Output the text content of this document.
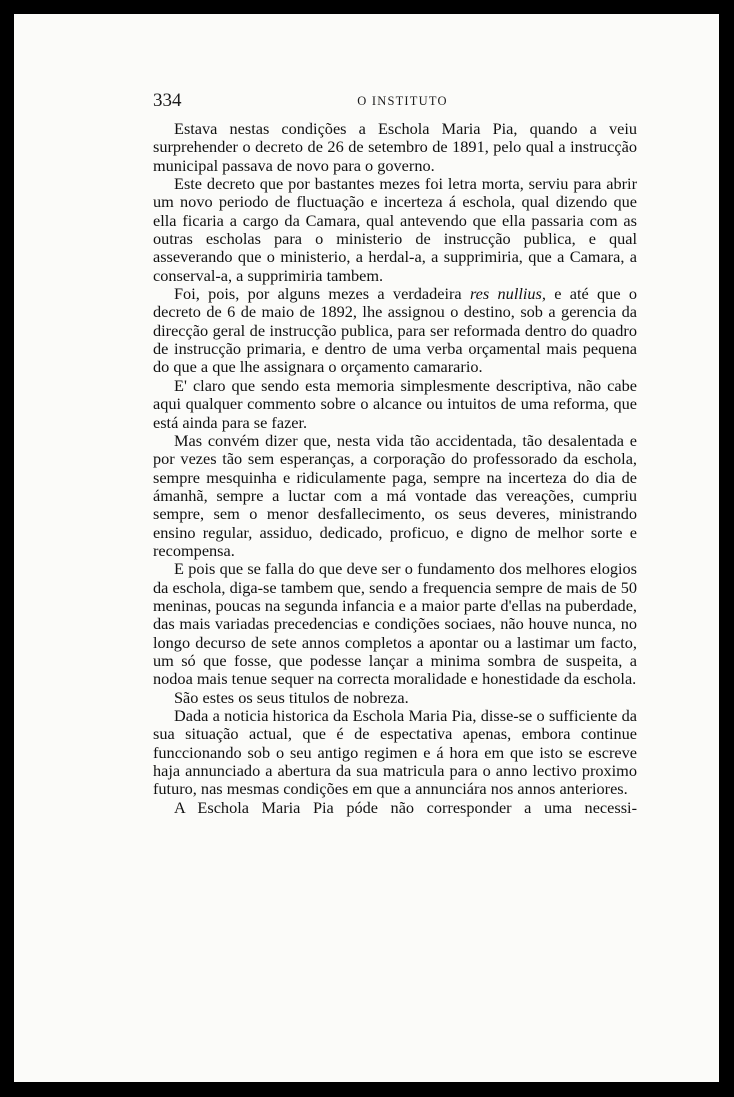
334	O INSTITUTO

Estava nestas condições a Eschola Maria Pia, quando a veiu surprehender o decreto de 26 de setembro de 1891, pelo qual a instrucção municipal passava de novo para o governo.

Este decreto que por bastantes mezes foi letra morta, serviu para abrir um novo periodo de fluctuação e incerteza á eschola, qual dizendo que ella ficaria a cargo da Camara, qual antevendo que ella passaria com as outras escholas para o ministerio de instrucção publica, e qual asseverando que o ministerio, a herdal-a, a supprimiria, que a Camara, a conserval-a, a supprimiria tambem.

Foi, pois, por alguns mezes a verdadeira res nullius, e até que o decreto de 6 de maio de 1892, lhe assignou o destino, sob a gerencia da direcção geral de instrucção publica, para ser reformada dentro do quadro de instrucção primaria, e dentro de uma verba orçamental mais pequena do que a que lhe assignara o orçamento camarario.

E' claro que sendo esta memoria simplesmente descriptiva, não cabe aqui qualquer commento sobre o alcance ou intuitos de uma reforma, que está ainda para se fazer.

Mas convém dizer que, nesta vida tão accidentada, tão desalentada e por vezes tão sem esperanças, a corporação do professorado da eschola, sempre mesquinha e ridiculamente paga, sempre na incerteza do dia de ámanhã, sempre a luctar com a má vontade das vereações, cumpriu sempre, sem o menor desfallecimento, os seus deveres, ministrando ensino regular, assiduo, dedicado, proficuo, e digno de melhor sorte e recompensa.

E pois que se falla do que deve ser o fundamento dos melhores elogios da eschola, diga-se tambem que, sendo a frequencia sempre de mais de 50 meninas, poucas na segunda infancia e a maior parte d'ellas na puberdade, das mais variadas precedencias e condições sociaes, não houve nunca, no longo decurso de sete annos completos a apontar ou a lastimar um facto, um só que fosse, que podesse lançar a minima sombra de suspeita, a nodoa mais tenue sequer na correcta moralidade e honestidade da eschola.

São estes os seus titulos de nobreza.

Dada a noticia historica da Eschola Maria Pia, disse-se o sufficiente da sua situação actual, que é de espectativa apenas, embora continue funccionando sob o seu antigo regimen e á hora em que isto se escreve haja annunciado a abertura da sua matricula para o anno lectivo proximo futuro, nas mesmas condições em que a annunciára nos annos anteriores.

A Eschola Maria Pia póde não corresponder a uma necessi-
